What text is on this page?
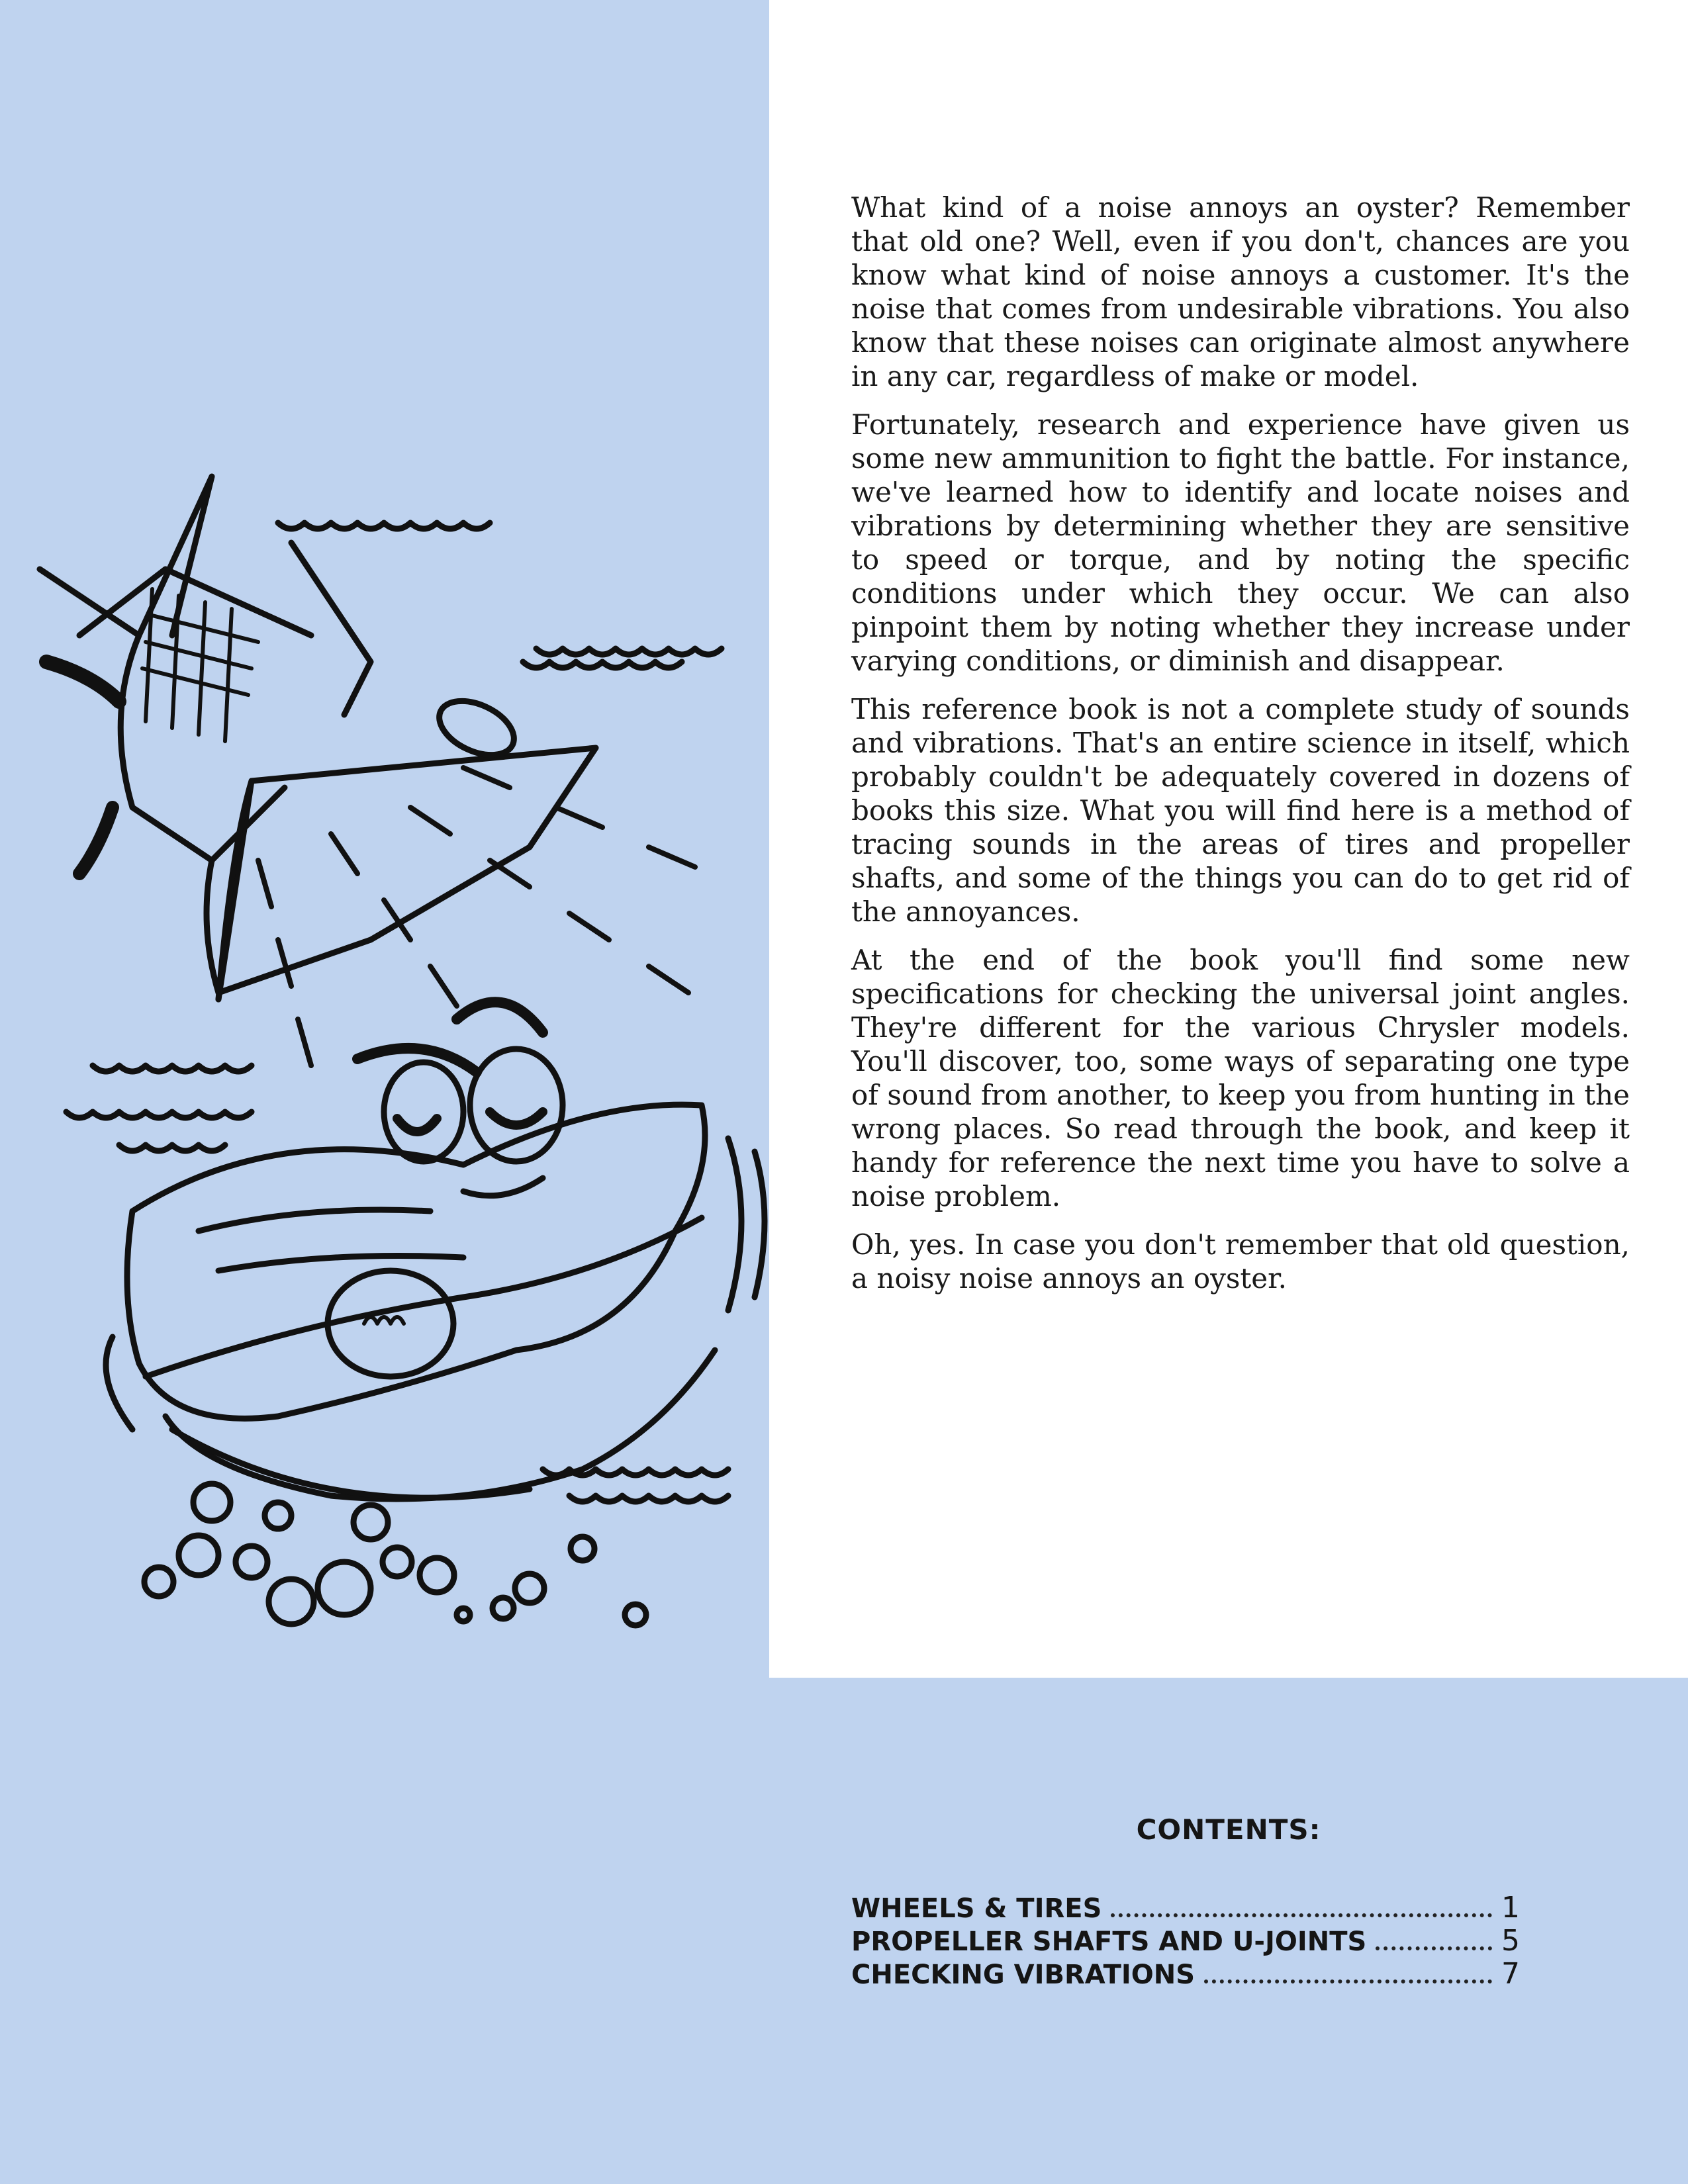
What kind of a noise annoys an oyster? Remember that old one? Well, even if you don't, chances are you know what kind of noise annoys a customer. It's the noise that comes from undesirable vibrations. You also know that these noises can originate almost anywhere in any car, regardless of make or model.

Fortunately, research and experience have given us some new ammunition to fight the battle. For instance, we've learned how to identify and locate noises and vibrations by determining whether they are sensitive to speed or torque, and by noting the specific conditions under which they occur. We can also pinpoint them by noting whether they increase under varying conditions, or diminish and disappear.

This reference book is not a complete study of sounds and vibrations. That's an entire science in itself, which probably couldn't be adequately covered in dozens of books this size. What you will find here is a method of tracing sounds in the areas of tires and propeller shafts, and some of the things you can do to get rid of the annoyances.

At the end of the book you'll find some new specifications for checking the universal joint angles. They're different for the various Chrysler models. You'll discover, too, some ways of separating one type of sound from another, to keep you from hunting in the wrong places. So read through the book, and keep it handy for reference the next time you have to solve a noise problem.

Oh, yes. In case you don't remember that old question, a noisy noise annoys an oyster.

CONTENTS:
WHEELS & TIRES	1
PROPELLER SHAFTS AND U-JOINTS	5
CHECKING VIBRATIONS	7
